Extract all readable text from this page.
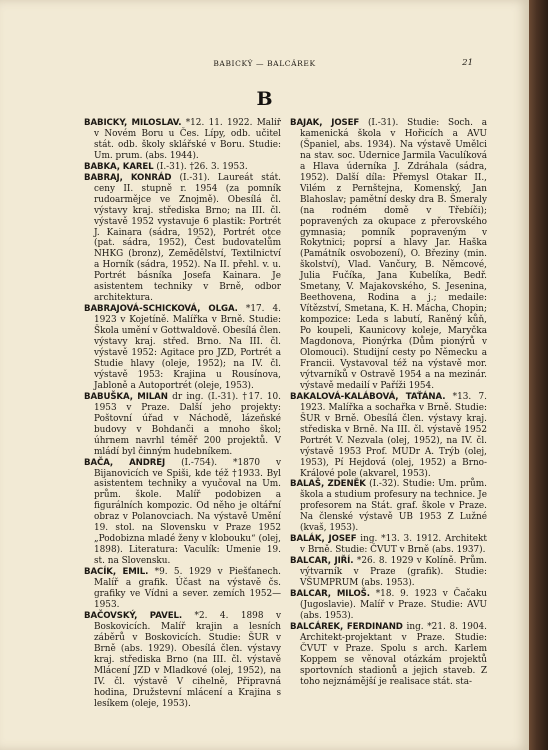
BABICKÝ — BALCÁREK	21
B

BABICKÝ, MILOSLAV. *12. 11. 1922. Malíř v Novém Boru u Čes. Lípy, odb. učitel stát. odb. školy sklářské v Boru. Studie: Um. prum. (abs. 1944).

BABKA, KAREL (I.-31). †26. 3. 1953.

BABRAJ, KONRÁD (I.-31). Laureát stát. ceny II. stupně r. 1954 (za pomník rudoarmějce ve Znojmě). Obesílá čl. výstavy kraj. střediska Brno; na III. čl. výstavě 1952 vystavuje 6 plastik: Portrét J. Kainara (sádra, 1952), Portrét otce (pat. sádra, 1952), Čest budovatelům NHKG (bronz), Zemědělství, Textilnictví a Horník (sádra, 1952). Na II. přehl. v. u. Portrét básníka Josefa Kainara. Je asistentem techniky v Brně, odbor architektura.

BABRAJOVÁ-SCHICKOVÁ, OLGA. *17. 4. 1923 v Kojetíně. Malířka v Brně. Studie: Škola umění v Gottwaldově. Obesílá člen. výstavy kraj. střed. Brno. Na III. čl. výstavě 1952: Agitace pro JZD, Portrét a Studie hlavy (oleje, 1952); na IV. čl. výstavě 1953: Krajina u Rousínova, Jabloně a Autoportrét (oleje, 1953).

BABUŠKA, MILAN dr ing. (I.-31). †17. 10. 1953 v Praze. Další jeho projekty: Poštovní úřad v Náchodě, lázeňské budovy v Bohdanči a mnoho škol; úhrnem navrhl téměř 200 projektů. V mládí byl činným hudebníkem.

BAČA, ANDREJ (I.-754). *1870 v Bijanovicích ve Spiši, kde též †1933. Byl asistentem techniky a vyučoval na Um. prům. škole. Malíř podobizen a figurálních kompozic. Od něho je oltářní obraz v Polanovciach. Na výstavě Umění 19. stol. na Slovensku v Praze 1952 „Podobizna mladé ženy v klobouku“ (olej, 1898). Literatura: Vaculík: Umenie 19. st. na Slovensku.

BACÍK, EMIL. *9. 5. 1929 v Piešťanech. Malíř a grafik. Účast na výstavě čs. grafiky ve Vídni a sever. zemích 1952—1953.

BAČOVSKÝ, PAVEL. *2. 4. 1898 v Boskovicích. Malíř krajin a lesních záběrů v Boskovicích. Studie: ŠUR v Brně (abs. 1929). Obesílá člen. výstavy kraj. střediska Brno (na III. čl. výstavě Mlácení JZD v Mladkové (olej, 1952), na IV. čl. výstavě V cihelně, Připravná hodina, Družstevní mlácení a Krajina s lesíkem (oleje, 1953).

BAJÁK, JOSEF (I.-31). Studie: Soch. a kamenická škola v Hořicích a AVU (Španiel, abs. 1934). Na výstavě Umělci na stav. soc. Udernice Jarmila Vaculíková a Hlava úderníka J. Zdráhala (sádra, 1952). Další díla: Přemysl Otakar II., Vilém z Pernštejna, Komenský, Jan Blahoslav; pamětní desky dra B. Šmeraly (na rodném domě v Třebíči); popravených za okupace z přerovského gymnasia; pomník popraveným v Rokytnici; poprsí a hlavy Jar. Haška (Památník osvobození), O. Březiny (min. školství), Vlad. Vančury, B. Němcové, Julia Fučíka, Jana Kubelíka, Bedř. Smetany, V. Majakovského, S. Jesenina, Beethovena, Rodina a j.; medaile: Vítězství, Smetana, K. H. Mácha, Chopin; kompozice: Leda s labutí, Raněný kůň, Po koupeli, Kaunicovy koleje, Maryčka Magdonova, Pionýrka (Dům pionýrů v Olomouci). Studijní cesty po Německu a Francii. Vystavoval též na výstavě mor. výtvarníků v Ostravě 1954 a na mezinár. výstavě medailí v Paříži 1954.

BAKALOVÁ-KALÁBOVÁ, TAŤÁNA. *13. 7. 1923. Malířka a sochařka v Brně. Studie: ŠUR v Brně. Obesílá člen. výstavy kraj. střediska v Brně. Na III. čl. výstavě 1952 Portrét V. Nezvala (olej, 1952), na IV. čl. výstavě 1953 Prof. MUDr A. Trýb (olej, 1953), Pí Hejdová (olej, 1952) a Brno-Králové pole (akvarel, 1953).

BALAŠ, ZDENĚK (I.-32). Studie: Um. prům. škola a studium profesury na technice. Je profesorem na Stát. graf. škole v Praze. Na členské výstavě UB 1953 Z Lužné (kvaš, 1953).

BALÁK, JOSEF ing. *13. 3. 1912. Architekt v Brně. Studie: ČVUT v Brně (abs. 1937).

BALCAR, JIŘÍ. *26. 8. 1929 v Kolíně. Prům. výtvarník v Praze (grafik). Studie: VŠUMPRUM (abs. 1953).

BALCAR, MILOŠ. *18. 9. 1923 v Čačaku (Jugoslavie). Malíř v Praze. Studie: AVU (abs. 1953).

BALCÁREK, FERDINAND ing. *21. 8. 1904. Architekt-projektant v Praze. Studie: ČVUT v Praze. Spolu s arch. Karlem Koppem se věnoval otázkám projektů sportovních stadionů a jejich staveb. Z toho nejznámější je realisace stát. sta-
